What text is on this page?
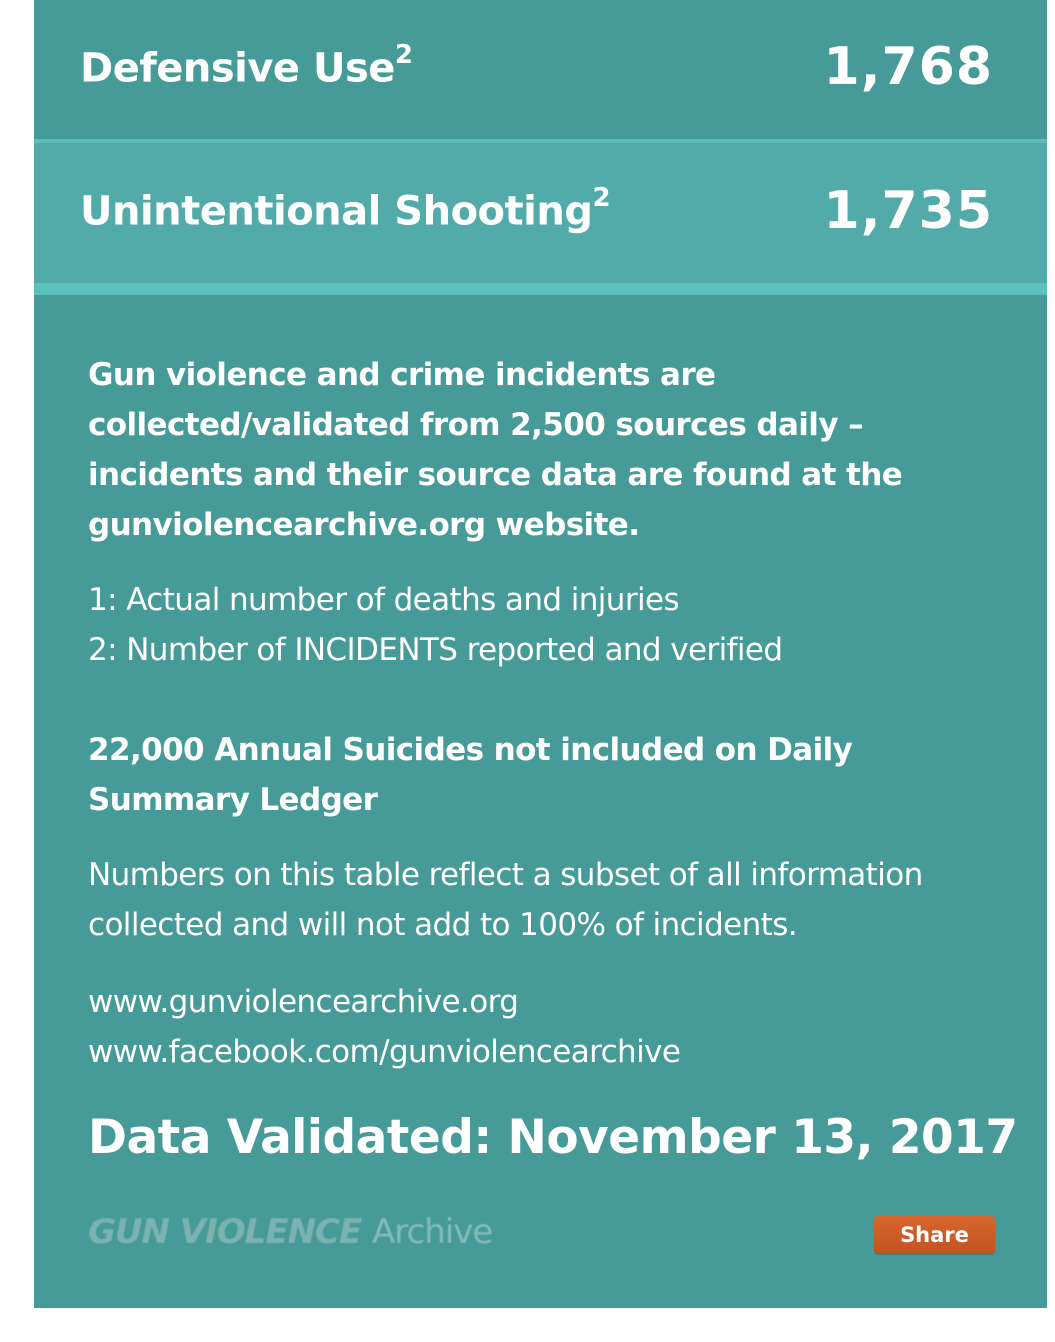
Defensive Use$^2$	1,768
Unintentional Shooting$^2$	1,735
Gun violence and crime incidents are collected/validated from 2,500 sources daily – incidents and their source data are found at the gunviolencearchive.org website.
1: Actual number of deaths and injuries
2: Number of INCIDENTS reported and verified
22,000 Annual Suicides not included on Daily Summary Ledger
Numbers on this table reflect a subset of all information collected and will not add to 100% of incidents.
www.gunviolencearchive.org
www.facebook.com/gunviolencearchive
Data Validated: November 13, 2017
GUN VIOLENCE Archive	Share
